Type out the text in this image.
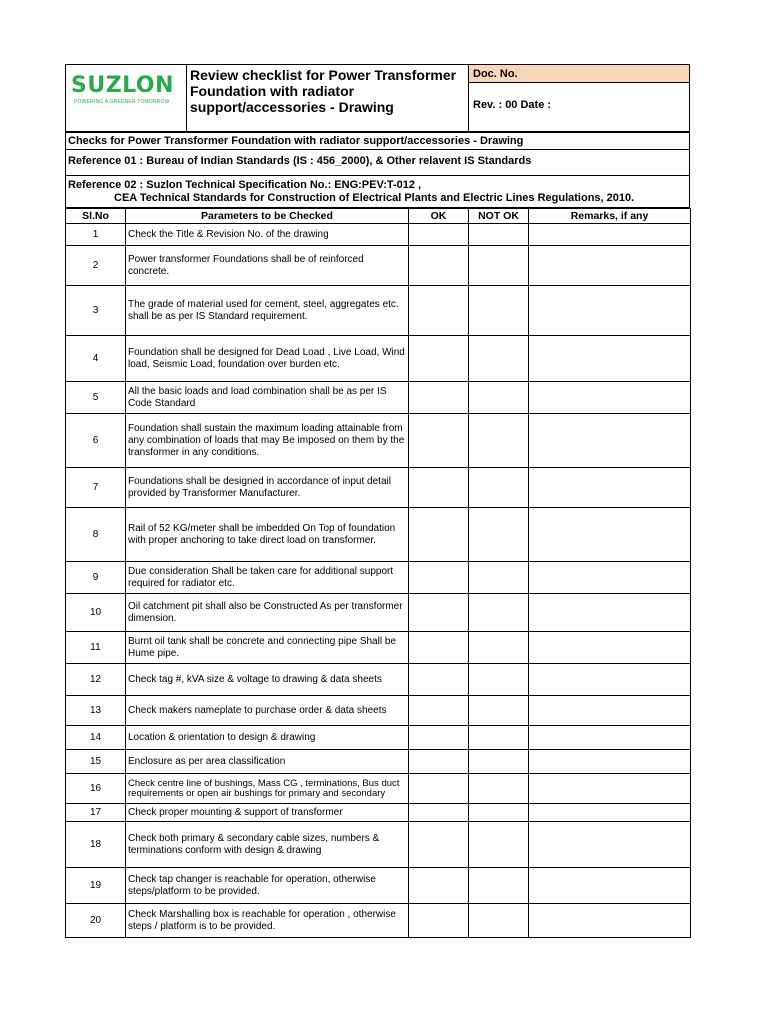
SUZLON
POWERING A GREENER TOMORROW
Review checklist for Power Transformer Foundation with radiator support/accessories - Drawing
Doc. No.
Rev. : 00 Date :
Checks for Power Transformer Foundation with radiator support/accessories - Drawing
Reference 01 : Bureau of Indian Standards (IS : 456_2000), & Other relavent IS Standards
Reference 02 : Suzlon Technical Specification No.: ENG:PEV:T-012 ,
CEA Technical Standards for Construction of Electrical Plants and Electric Lines Regulations, 2010.
Sl.No	Parameters to be Checked	OK	NOT OK	Remarks, if any
1	Check the Title & Revision No. of the drawing			
2	Power transformer Foundations shall be of reinforced concrete.			
3	The grade of material used for cement, steel, aggregates etc. shall be as per IS Standard requirement.			
4	Foundation shall be designed for Dead Load , Live Load, Wind load, Seismic Load, foundation over burden etc.			
5	All the basic loads and load combination shall be as per IS Code Standard			
6	Foundation shall sustain the maximum loading attainable from any combination of loads that may Be imposed on them by the transformer in any conditions.			
7	Foundations shall be designed in accordance of input detail provided by Transformer Manufacturer.			
8	Rail of 52 KG/meter shall be imbedded On Top of foundation with proper anchoring to take direct load on transformer.			
9	Due consideration Shall be taken care for additional support required for radiator etc.			
10	Oil catchment pit shall also be Constructed As per transformer dimension.			
11	Burnt oil tank shall be concrete and connecting pipe Shall be Hume pipe.			
12	Check tag #, kVA size & voltage to drawing & data sheets			
13	Check makers nameplate to purchase order & data sheets			
14	Location & orientation to design & drawing			
15	Enclosure as per area classification			
16	Check centre line of bushings, Mass CG , terminations, Bus duct requirements or open air bushings for primary and secondary			
17	Check proper mounting & support of transformer			
18	Check both primary & secondary cable sizes, numbers & terminations conform with design & drawing			
19	Check tap changer is reachable for operation, otherwise steps/platform to be provided.			
20	Check Marshalling box is reachable for operation , otherwise steps / platform is to be provided.			
